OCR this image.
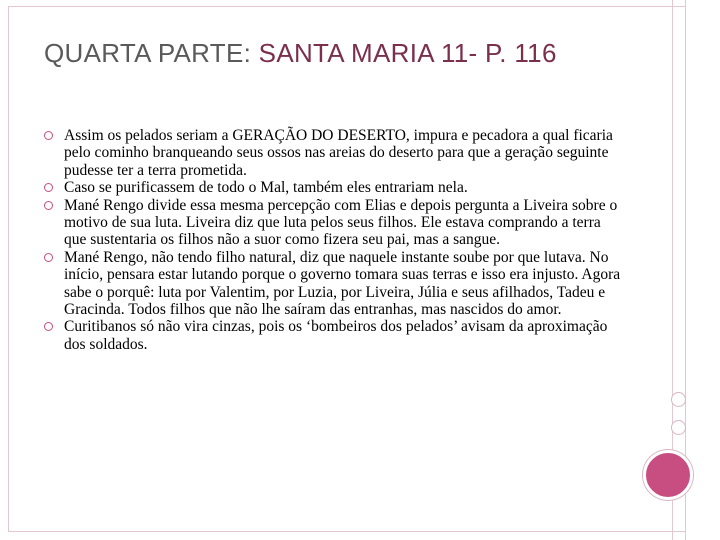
QUARTA PARTE: SANTA MARIA 11- P. 116
Assim os pelados seriam a GERAÇÃO DO DESERTO, impura e pecadora a qual ficaria pelo cominho branqueando seus ossos nas areias do deserto para que a geração seguinte pudesse ter a terra prometida.
Caso se purificassem de todo o Mal, também eles entrariam nela.
Mané Rengo divide essa mesma percepção com Elias e depois pergunta a Liveira sobre o motivo de sua luta. Liveira diz que luta pelos seus filhos. Ele estava comprando a terra que sustentaria os filhos não a suor como fizera seu pai, mas a sangue.
Mané Rengo, não tendo filho natural, diz que naquele instante soube por que lutava. No início, pensara estar lutando porque o governo tomara suas terras e isso era injusto. Agora sabe o porquê: luta por Valentim, por Luzia, por Liveira, Júlia e seus afilhados, Tadeu e Gracinda. Todos filhos que não lhe saíram das entranhas, mas nascidos do amor.
Curitibanos só não vira cinzas, pois os ‘bombeiros dos pelados’ avisam da aproximação dos soldados.
